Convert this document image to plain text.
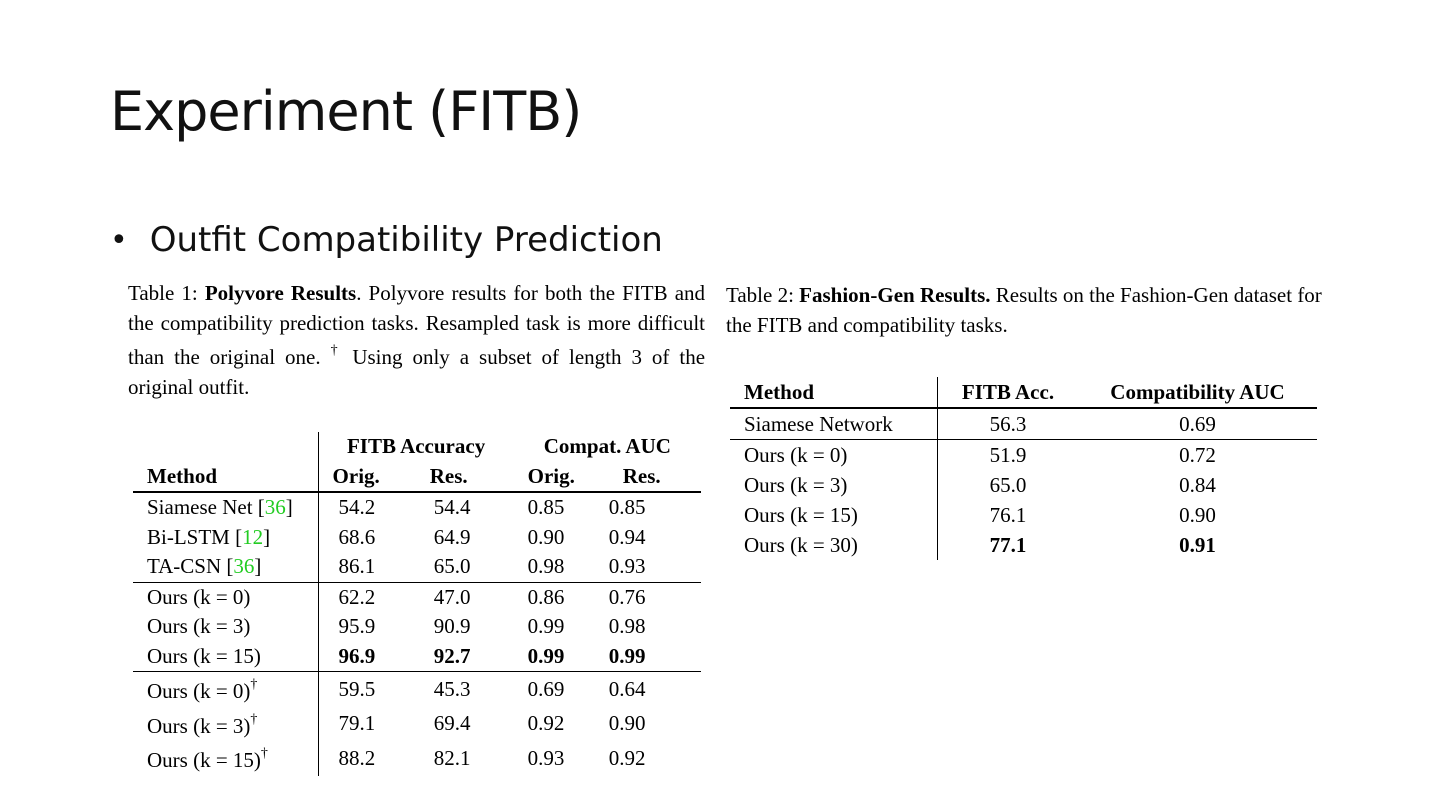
Experiment (FITB)
• Outfit Compatibility Prediction
Table 1: Polyvore Results. Polyvore results for both the FITB and the compatibility prediction tasks. Resampled task is more difficult than the original one. † Using only a subset of length 3 of the original outfit.
	FITB Accuracy		Compat. AUC	
Method	Orig.	Res.	Orig.	Res.
Siamese Net [36]	54.2	54.4	0.85	0.85
Bi-LSTM [12]	68.6	64.9	0.90	0.94
TA-CSN [36]	86.1	65.0	0.98	0.93
Ours (k = 0)	62.2	47.0	0.86	0.76
Ours (k = 3)	95.9	90.9	0.99	0.98
Ours (k = 15)	96.9	92.7	0.99	0.99
Ours (k = 0)†	59.5	45.3	0.69	0.64
Ours (k = 3)†	79.1	69.4	0.92	0.90
Ours (k = 15)†	88.2	82.1	0.93	0.92
Table 2: Fashion-Gen Results. Results on the Fashion-Gen dataset for the FITB and compatibility tasks.
Method	FITB Acc.	Compatibility AUC
Siamese Network	56.3	0.69
Ours (k = 0)	51.9	0.72
Ours (k = 3)	65.0	0.84
Ours (k = 15)	76.1	0.90
Ours (k = 30)	77.1	0.91
